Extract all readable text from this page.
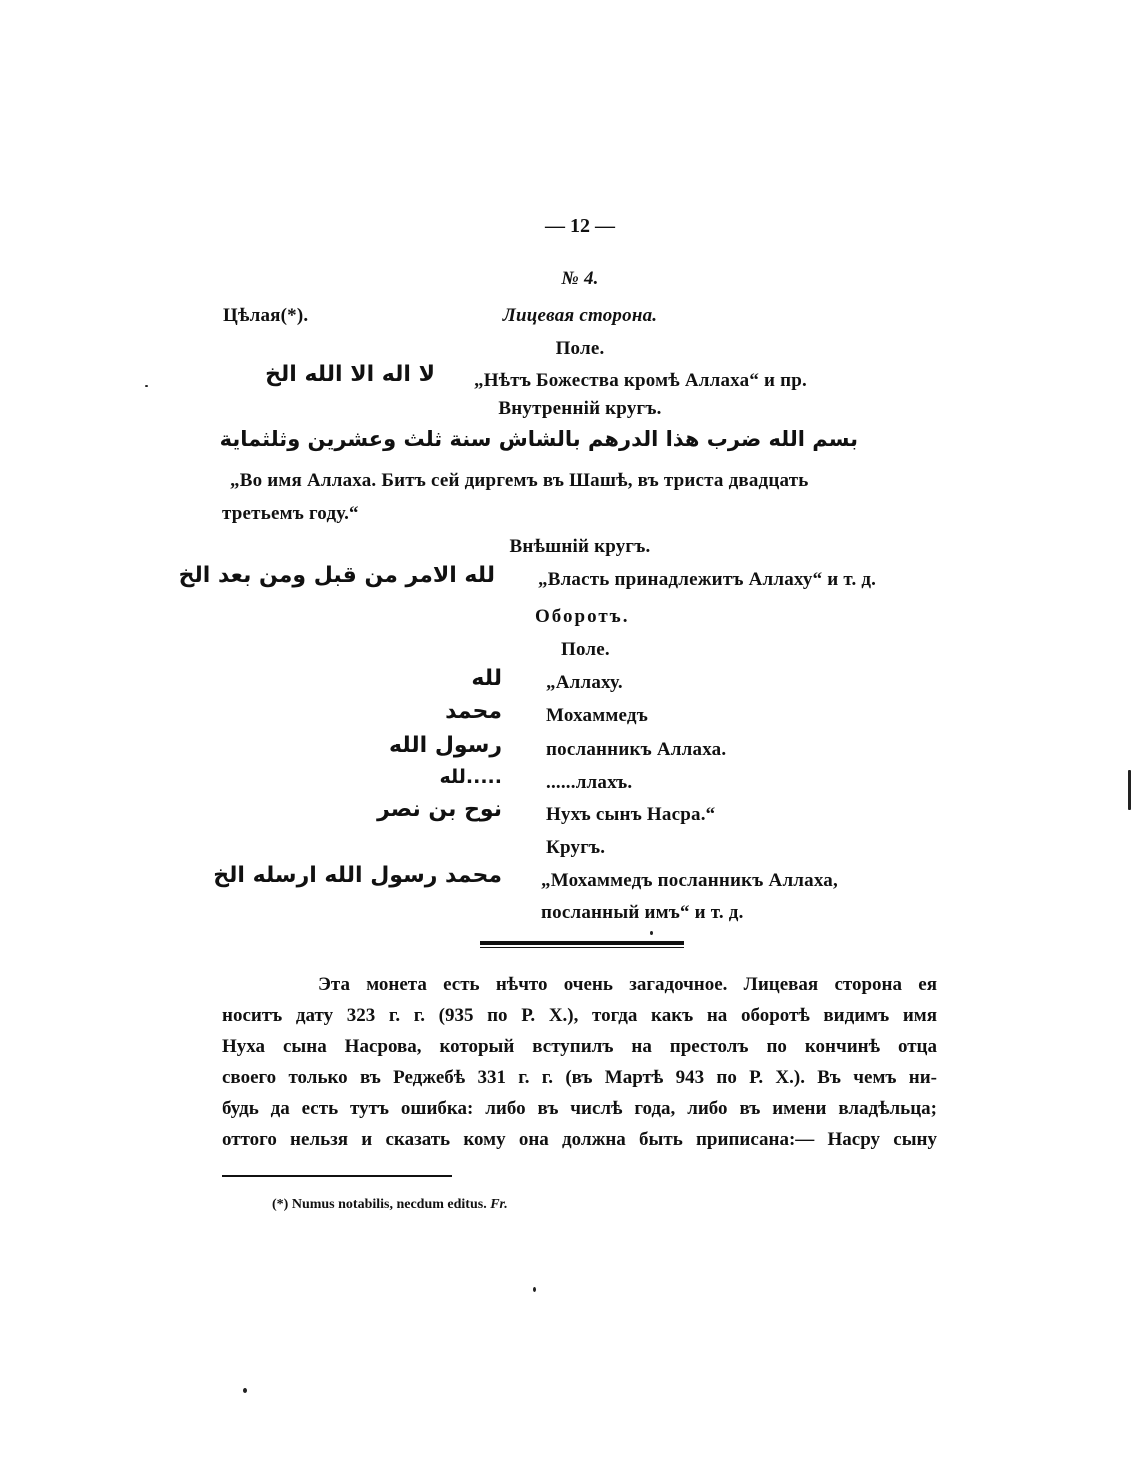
— 12 —
№ 4.
Цѣлая(*).	Лицевая сторона.
Поле.
لا اله الا الله الخ „Нѣтъ Божества кромѣ Аллаха“ и пр.
Внутренній кругъ.
بسم الله ضرب هذا الدرهم بالشاش سنة ثلث وعشرين وثلثماية
„Во имя Аллаха. Битъ сей диргемъ въ Шашѣ, въ триста двадцать
третьемъ году.“
Внѣшній кругъ.
لله الامر من قبل ومن بعد الخ „Власть принадлежитъ Аллаху“ и т. д.
Оборотъ.
Поле.
لله „Аллаху.
محمد Мохаммедъ
رسول الله посланникъ Аллаха.
.....لله ......ллахъ.
نوح بن نصر Нухъ сынъ Насра.“
Кругъ.
محمد رسول الله ارسله الخ „Мохаммедъ посланникъ Аллаха,
посланный имъ“ и т. д.
Эта монета есть нѣчто очень загадочное. Лицевая сторона ея
носитъ дату 323 г. г. (935 по Р. Х.), тогда какъ на оборотѣ видимъ имя
Нуха сына Насрова, который вступилъ на престолъ по кончинѣ отца
своего только въ Реджебѣ 331 г. г. (въ Мартѣ 943 по Р. Х.). Въ чемъ ни-
будь да есть тутъ ошибка: либо въ числѣ года, либо въ имени владѣльца;
оттого нельзя и сказать кому она должна быть приписана:— Насру сыну
(*) Numus notabilis, necdum editus. Fr.
